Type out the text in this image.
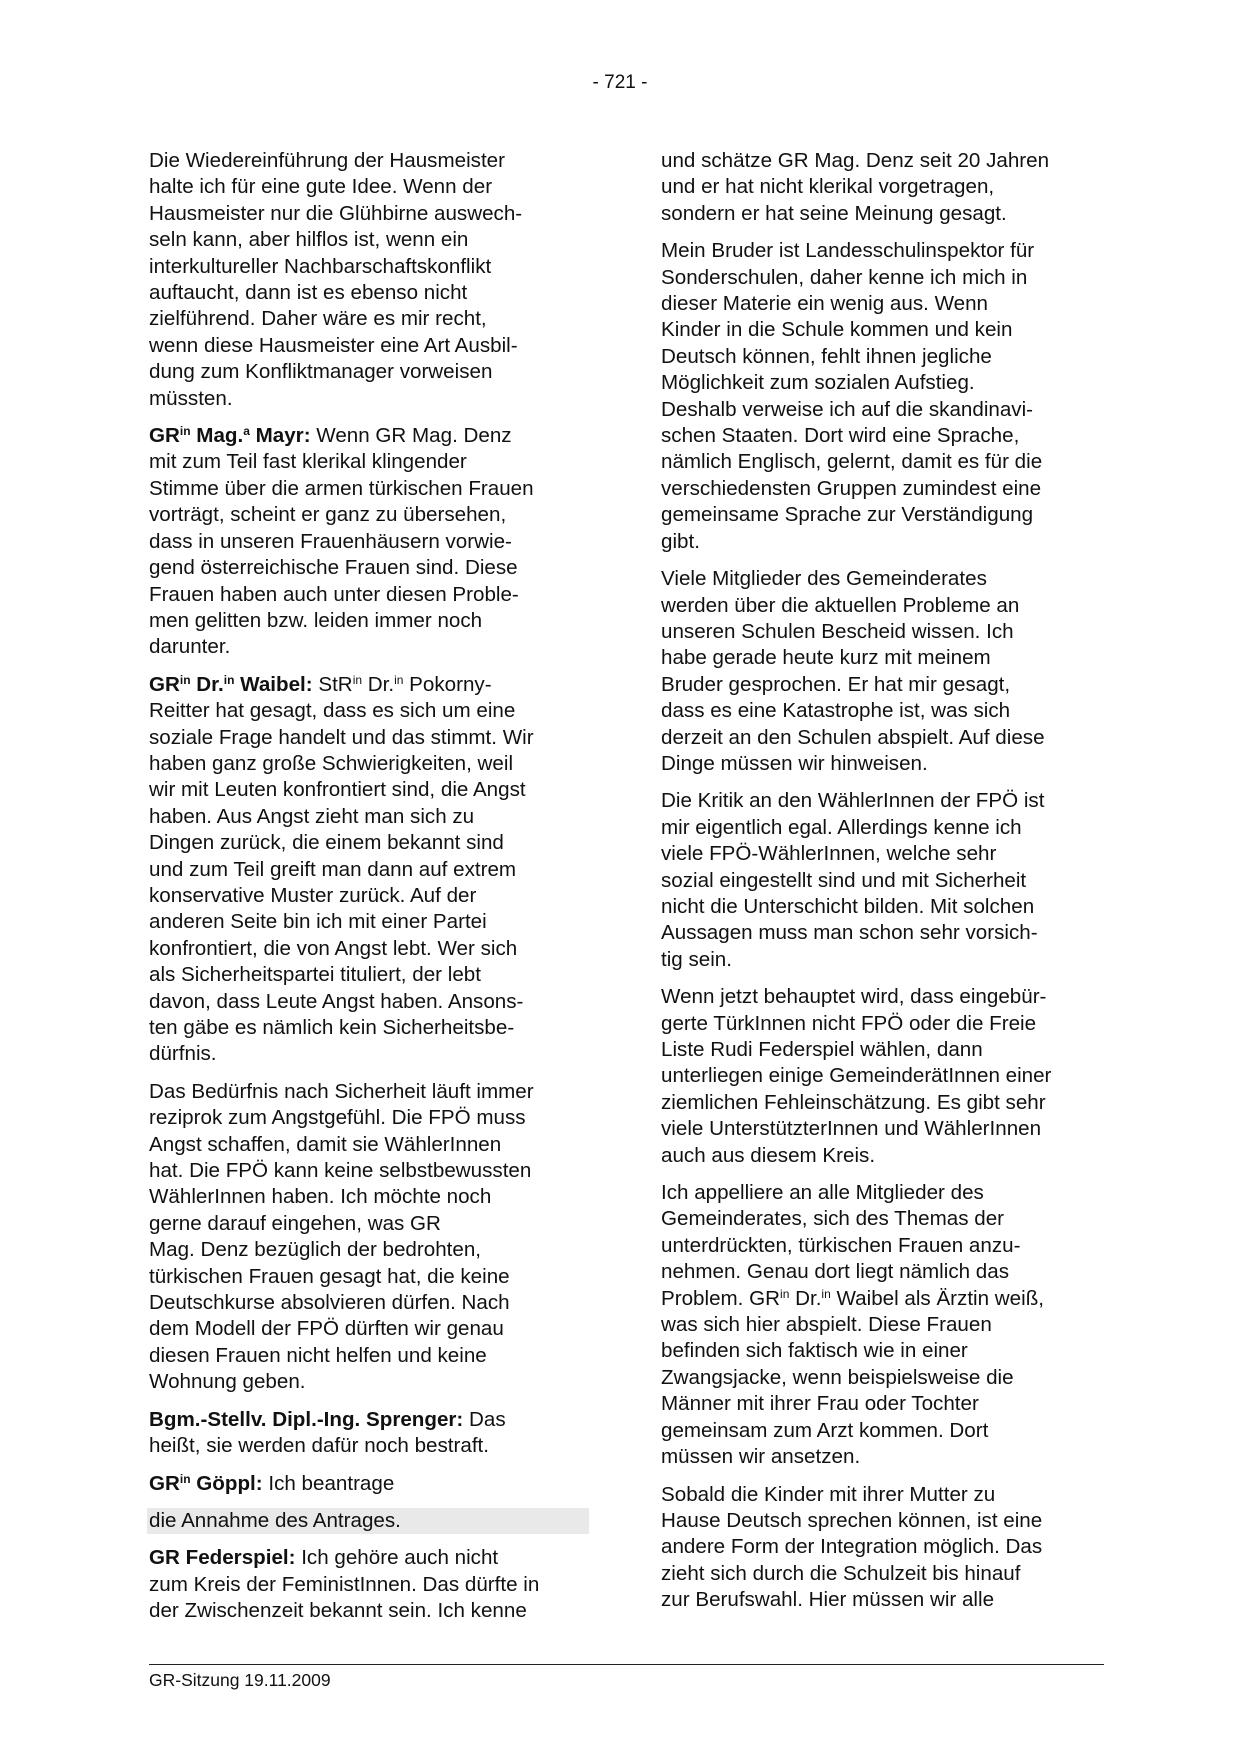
- 721 -
Die Wiedereinführung der Hausmeister
halte ich für eine gute Idee. Wenn der
Hausmeister nur die Glühbirne auswech-
seln kann, aber hilflos ist, wenn ein
interkultureller Nachbarschaftskonflikt
auftaucht, dann ist es ebenso nicht
zielführend. Daher wäre es mir recht,
wenn diese Hausmeister eine Art Ausbil-
dung zum Konfliktmanager vorweisen
müssten.
$GR^{in}$ Mag.$^a$ Mayr: Wenn GR Mag. Denz
mit zum Teil fast klerikal klingender
Stimme über die armen türkischen Frauen
vorträgt, scheint er ganz zu übersehen,
dass in unseren Frauenhäusern vorwie-
gend österreichische Frauen sind. Diese
Frauen haben auch unter diesen Proble-
men gelitten bzw. leiden immer noch
darunter.
$GR^{in}$ Dr.$^{in}$ Waibel: StR$^{in}$ Dr.$^{in}$ Pokorny-
Reitter hat gesagt, dass es sich um eine
soziale Frage handelt und das stimmt. Wir
haben ganz große Schwierigkeiten, weil
wir mit Leuten konfrontiert sind, die Angst
haben. Aus Angst zieht man sich zu
Dingen zurück, die einem bekannt sind
und zum Teil greift man dann auf extrem
konservative Muster zurück. Auf der
anderen Seite bin ich mit einer Partei
konfrontiert, die von Angst lebt. Wer sich
als Sicherheitspartei tituliert, der lebt
davon, dass Leute Angst haben. Ansons-
ten gäbe es nämlich kein Sicherheitsbe-
dürfnis.
Das Bedürfnis nach Sicherheit läuft immer
reziprok zum Angstgefühl. Die FPÖ muss
Angst schaffen, damit sie WählerInnen
hat. Die FPÖ kann keine selbstbewussten
WählerInnen haben. Ich möchte noch
gerne darauf eingehen, was GR
Mag. Denz bezüglich der bedrohten,
türkischen Frauen gesagt hat, die keine
Deutschkurse absolvieren dürfen. Nach
dem Modell der FPÖ dürften wir genau
diesen Frauen nicht helfen und keine
Wohnung geben.
Bgm.-Stellv. Dipl.-Ing. Sprenger: Das
heißt, sie werden dafür noch bestraft.
$GR^{in}$ Göppl: Ich beantrage
die Annahme des Antrages.
GR Federspiel: Ich gehöre auch nicht
zum Kreis der FeministInnen. Das dürfte in
der Zwischenzeit bekannt sein. Ich kenne
und schätze GR Mag. Denz seit 20 Jahren
und er hat nicht klerikal vorgetragen,
sondern er hat seine Meinung gesagt.
Mein Bruder ist Landesschulinspektor für
Sonderschulen, daher kenne ich mich in
dieser Materie ein wenig aus. Wenn
Kinder in die Schule kommen und kein
Deutsch können, fehlt ihnen jegliche
Möglichkeit zum sozialen Aufstieg.
Deshalb verweise ich auf die skandinavi-
schen Staaten. Dort wird eine Sprache,
nämlich Englisch, gelernt, damit es für die
verschiedensten Gruppen zumindest eine
gemeinsame Sprache zur Verständigung
gibt.
Viele Mitglieder des Gemeinderates
werden über die aktuellen Probleme an
unseren Schulen Bescheid wissen. Ich
habe gerade heute kurz mit meinem
Bruder gesprochen. Er hat mir gesagt,
dass es eine Katastrophe ist, was sich
derzeit an den Schulen abspielt. Auf diese
Dinge müssen wir hinweisen.
Die Kritik an den WählerInnen der FPÖ ist
mir eigentlich egal. Allerdings kenne ich
viele FPÖ-WählerInnen, welche sehr
sozial eingestellt sind und mit Sicherheit
nicht die Unterschicht bilden. Mit solchen
Aussagen muss man schon sehr vorsich-
tig sein.
Wenn jetzt behauptet wird, dass eingebür-
gerte TürkInnen nicht FPÖ oder die Freie
Liste Rudi Federspiel wählen, dann
unterliegen einige GemeinderätInnen einer
ziemlichen Fehleinschätzung. Es gibt sehr
viele UnterstützterInnen und WählerInnen
auch aus diesem Kreis.
Ich appelliere an alle Mitglieder des
Gemeinderates, sich des Themas der
unterdrückten, türkischen Frauen anzu-
nehmen. Genau dort liegt nämlich das
Problem. $GR^{in}$ Dr.$^{in}$ Waibel als Ärztin weiß,
was sich hier abspielt. Diese Frauen
befinden sich faktisch wie in einer
Zwangsjacke, wenn beispielsweise die
Männer mit ihrer Frau oder Tochter
gemeinsam zum Arzt kommen. Dort
müssen wir ansetzen.
Sobald die Kinder mit ihrer Mutter zu
Hause Deutsch sprechen können, ist eine
andere Form der Integration möglich. Das
zieht sich durch die Schulzeit bis hinauf
zur Berufswahl. Hier müssen wir alle
GR-Sitzung 19.11.2009
